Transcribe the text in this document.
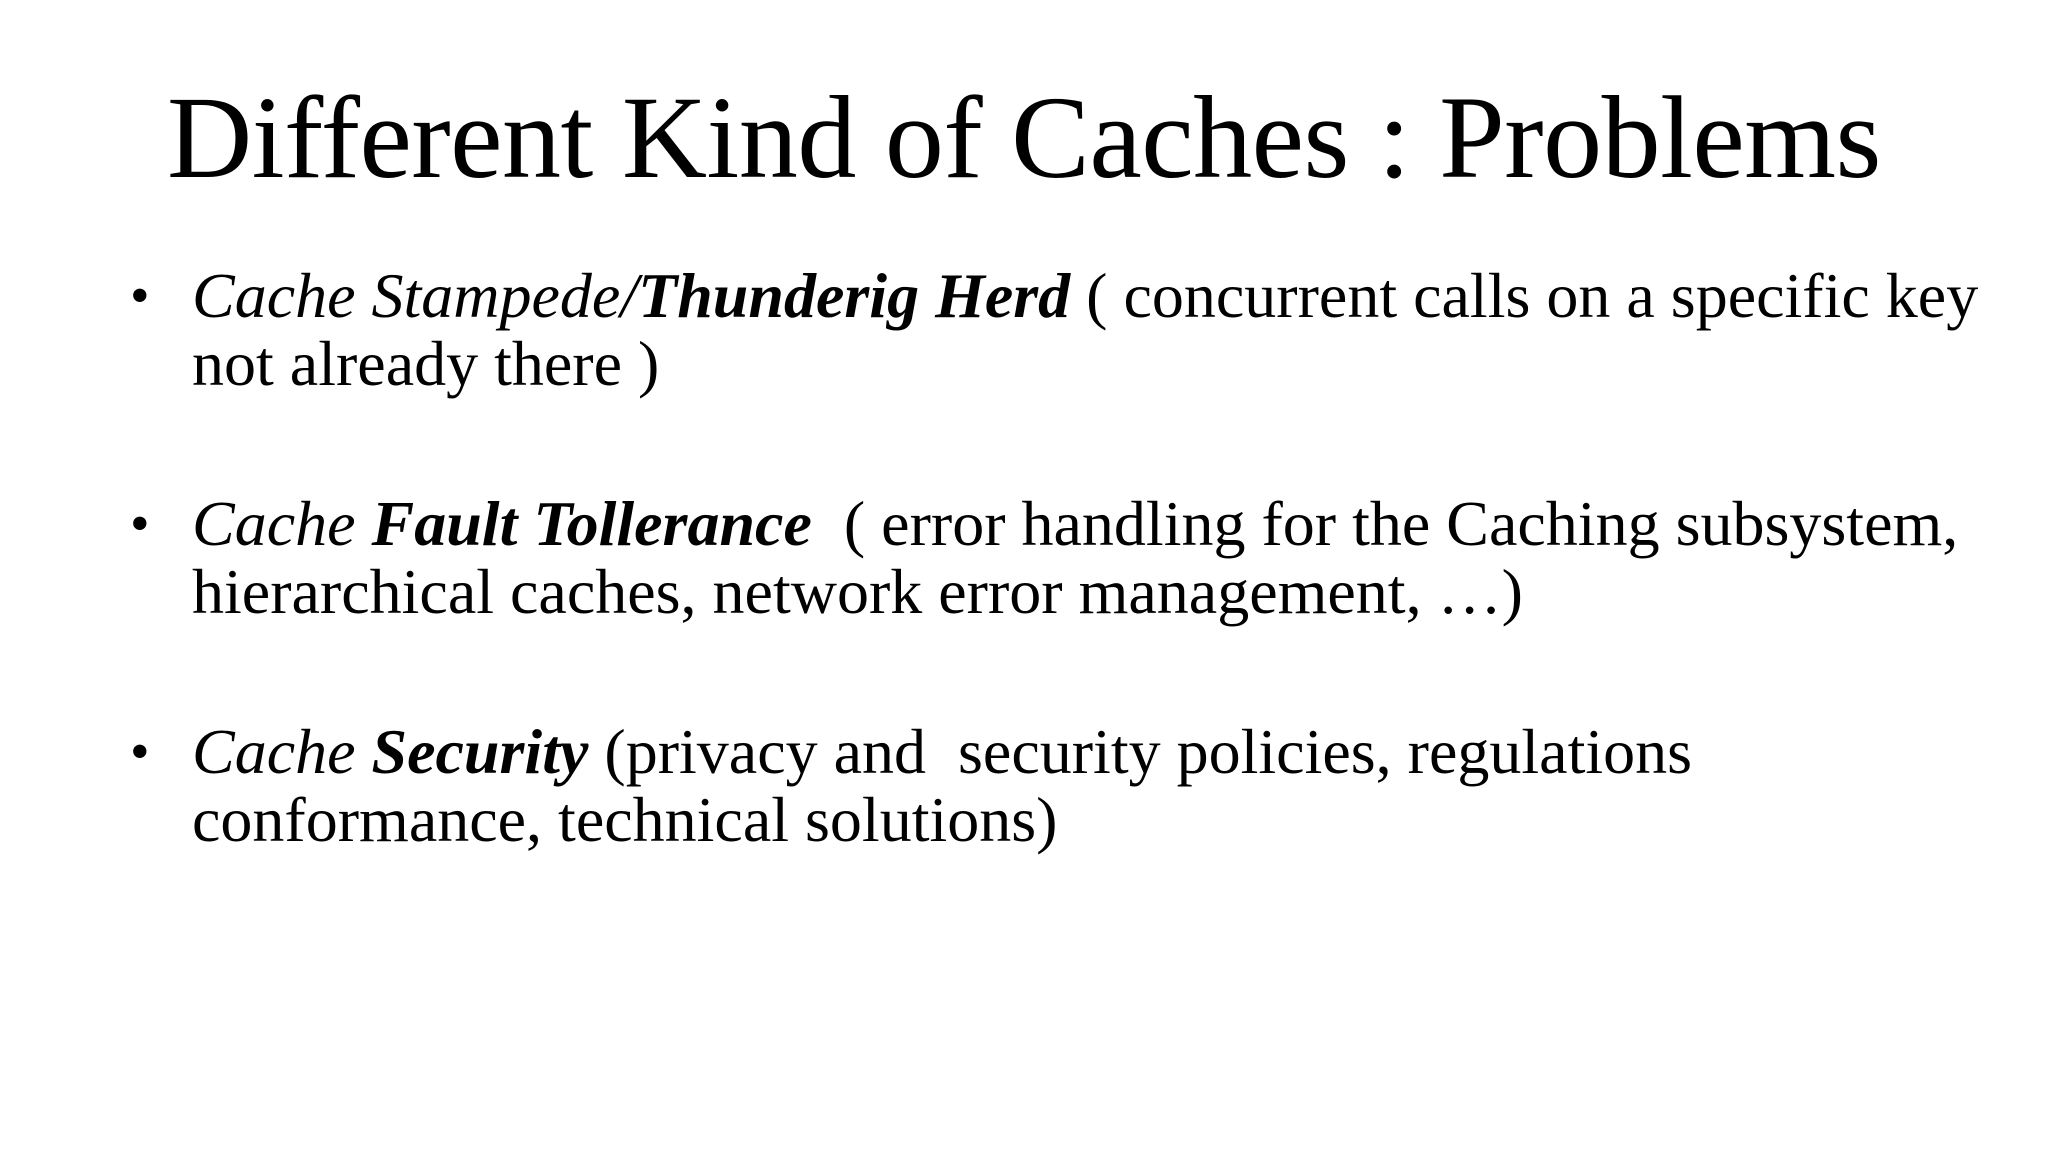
Different Kind of Caches : Problems
• Cache Stampede/Thunderig Herd ( concurrent calls on a specific key not already there )
• Cache Fault Tollerance  ( error handling for the Caching subsystem, hierarchical caches, network error management, …)
• Cache Security (privacy and  security policies, regulations conformance, technical solutions)
